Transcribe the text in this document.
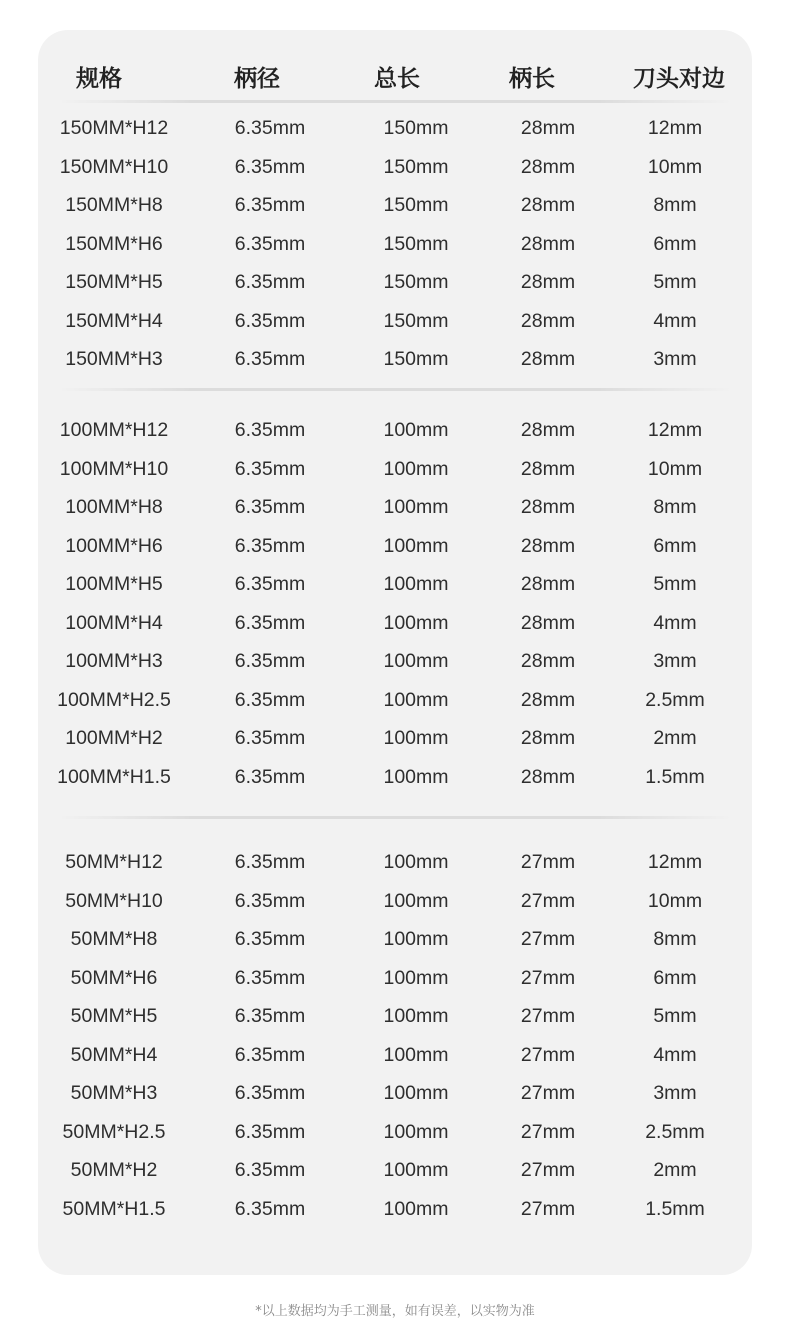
规格	柄径	总长	柄长	刀头对边
150MM*H12	6.35mm	150mm	28mm	12mm
150MM*H10	6.35mm	150mm	28mm	10mm
150MM*H8	6.35mm	150mm	28mm	8mm
150MM*H6	6.35mm	150mm	28mm	6mm
150MM*H5	6.35mm	150mm	28mm	5mm
150MM*H4	6.35mm	150mm	28mm	4mm
150MM*H3	6.35mm	150mm	28mm	3mm
100MM*H12	6.35mm	100mm	28mm	12mm
100MM*H10	6.35mm	100mm	28mm	10mm
100MM*H8	6.35mm	100mm	28mm	8mm
100MM*H6	6.35mm	100mm	28mm	6mm
100MM*H5	6.35mm	100mm	28mm	5mm
100MM*H4	6.35mm	100mm	28mm	4mm
100MM*H3	6.35mm	100mm	28mm	3mm
100MM*H2.5	6.35mm	100mm	28mm	2.5mm
100MM*H2	6.35mm	100mm	28mm	2mm
100MM*H1.5	6.35mm	100mm	28mm	1.5mm
50MM*H12	6.35mm	100mm	27mm	12mm
50MM*H10	6.35mm	100mm	27mm	10mm
50MM*H8	6.35mm	100mm	27mm	8mm
50MM*H6	6.35mm	100mm	27mm	6mm
50MM*H5	6.35mm	100mm	27mm	5mm
50MM*H4	6.35mm	100mm	27mm	4mm
50MM*H3	6.35mm	100mm	27mm	3mm
50MM*H2.5	6.35mm	100mm	27mm	2.5mm
50MM*H2	6.35mm	100mm	27mm	2mm
50MM*H1.5	6.35mm	100mm	27mm	1.5mm
*以上数据均为手工测量，如有误差，以实物为准
